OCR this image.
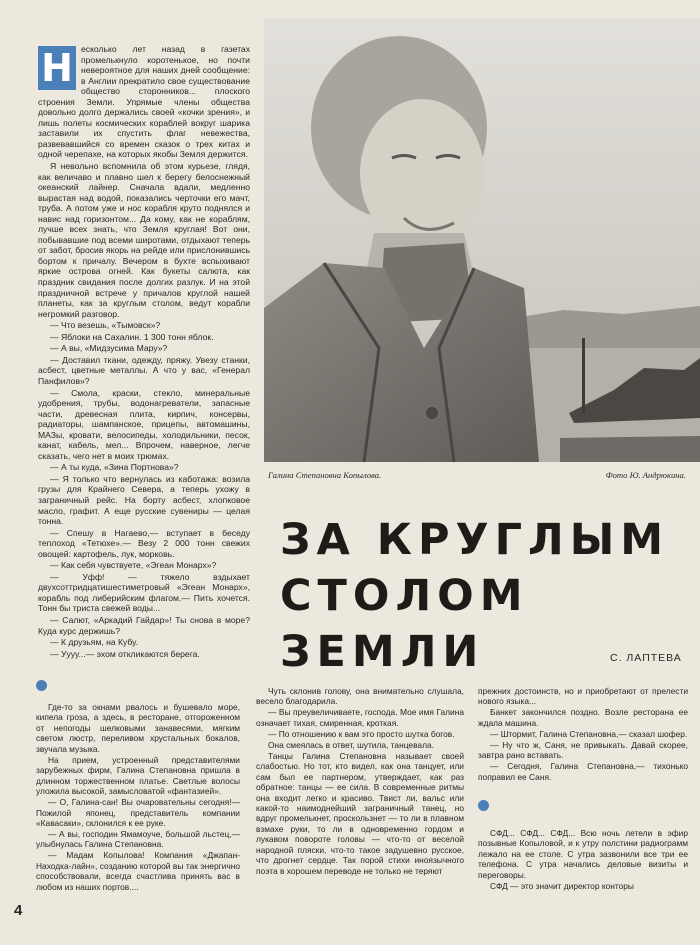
Н есколько лет назад в газетах промелькнуло коротенькое, но почти невероятное для наших дней сообщение: в Англии прекратило свое существование общество сторонников... плоского строения Земли. Упрямые члены общества довольно долго держались своей «кочки зрения», и лишь полеты космических кораблей вокруг шарика заставили их спустить флаг невежества, развевавшийся со времен сказок о трех китах и одной черепахе, на которых якобы Земля держится.

Я невольно вспомнила об этом курьезе, глядя, как величаво и плавно шел к берегу белоснежный океанский лайнер. Сначала вдали, медленно вырастая над водой, показались черточки его мачт, труба. А потом уже и нос корабля круто поднялся и навис над горизонтом... Да кому, как не кораблям, лучше всех знать, что Земля круглая! Вот они, побывавшие под всеми широтами, отдыхают теперь от забот, бросив якорь на рейде или прислонившись бортом к причалу. Вечером в бухте вспыхивают яркие острова огней. Как букеты салюта, как праздник свидания после долгих разлук. И на этой праздничной встрече у причалов круглой нашей планеты, как за круглым столом, ведут корабли негромкий разговор.

— Что везешь, «Тымовск»?

— Яблоки на Сахалин. 1 300 тонн яблок.

— А вы, «Мидзусима Мару»?

— Доставил ткани, одежду, пряжу. Увезу станки, асбест, цветные металлы. А что у вас, «Генерал Панфилов»?

— Смола, краски, стекло, минеральные удобрения, трубы, водонагреватели, запасные части, древесная плита, кирпич, консервы, радиаторы, шампанское, прицепы, автомашины, МАЗы, кровати, велосипеды, холодильники, песок, канат, кабель, мел... Впрочем, наверное, легче сказать, чего нет в моих трюмах.

— А ты куда, «Зина Портнова»?

— Я только что вернулась из каботажа: возила грузы для Крайнего Севера, а теперь ухожу в заграничный рейс. На борту асбест, хлопковое масло, графит. А еще русские сувениры — целая тонна.

— Спешу в Нагаево,— вступает в беседу теплоход «Тетюхе».— Везу 2 000 тонн свежих овощей: картофель, лук, морковь.

— Как себя чувствуете, «Эгеан Монарх»?

— Уфф! — тяжело вздыхает двухсоттридцатишестиметровый «Эгеан Монарх», корабль под либерийским флагом.— Пить хочется. Тонн бы триста свежей воды...

— Салют, «Аркадий Гайдар»! Ты снова в море? Куда курс держишь?

— К друзьям, на Кубу.

— Уууу...— эхом откликаются берега.

Галина Степановна Копылова.	Фото Ю. Андрюкина.
ЗА КРУГЛЫМ
СТОЛОМ ЗЕМЛИ	С. ЛАПТЕВА

Где-то за окнами рвалось и бушевало море, кипела гроза, а здесь, в ресторане, отгороженном от непогоды шелковыми занавесями, мягким светом люстр, переливом хрустальных бокалов, звучала музыка.

На прием, устроенный представителями зарубежных фирм, Галина Степановна пришла в длинном торжественном платье. Светлые волосы уложила высокой, замысловатой «фантазией».

— О, Галина-сан! Вы очаровательны сегодня!— Пожилой японец, представитель компании «Кавасаки», склонился к ее руке.

— А вы, господин Ямамоуче, большой льстец,— улыбнулась Галина Степановна.

— Мадам Копылова! Компания «Джапан-Находка-лайн», созданию которой вы так энергично способствовали, всегда счастлива принять вас в любом из наших портов....

Чуть склонив голову, она внимательно слушала, весело благодарила.

— Вы преувеличиваете, господа. Мое имя Галина означает тихая, смиренная, кроткая.

— По отношению к вам это просто шутка богов.

Она смеялась в ответ, шутила, танцевала.

Танцы Галина Степановна называет своей слабостью. Но тот, кто видел, как она танцует, или сам был ее партнером, утверждает, как раз обратное: танцы — ее сила. В современные ритмы она входит легко и красиво. Твист ли, вальс или какой-то наимоднейший заграничный танец, но вдруг промелькнет, проскользнет — то ли в плавном взмахе руки, то ли в одновременно гордом и лукавом повороте головы — что-то от веселой народной пляски, что-то такое задушевно русское, что дрогнет сердце. Так порой стихи иноязычного поэта в хорошем переводе не только не теряют

прежних достоинств, но и приобретают от прелести нового языка...

Банкет закончился поздно. Возле ресторана ее ждала машина.

— Штормит, Галина Степановна,— сказал шофер.

— Ну что ж, Саня, не привыкать. Давай скорее, завтра рано вставать.

— Сегодня, Галина Степановна,— тихонько поправил ее Саня.

СФД... СФД... СФД... Всю ночь летели в эфир позывные Копыловой, и к утру полстини радиограмм лежало на ее столе. С утра зазвонили все три ее телефона. С утра начались деловые визиты и переговоры.

СФД — это значит директор конторы

4
